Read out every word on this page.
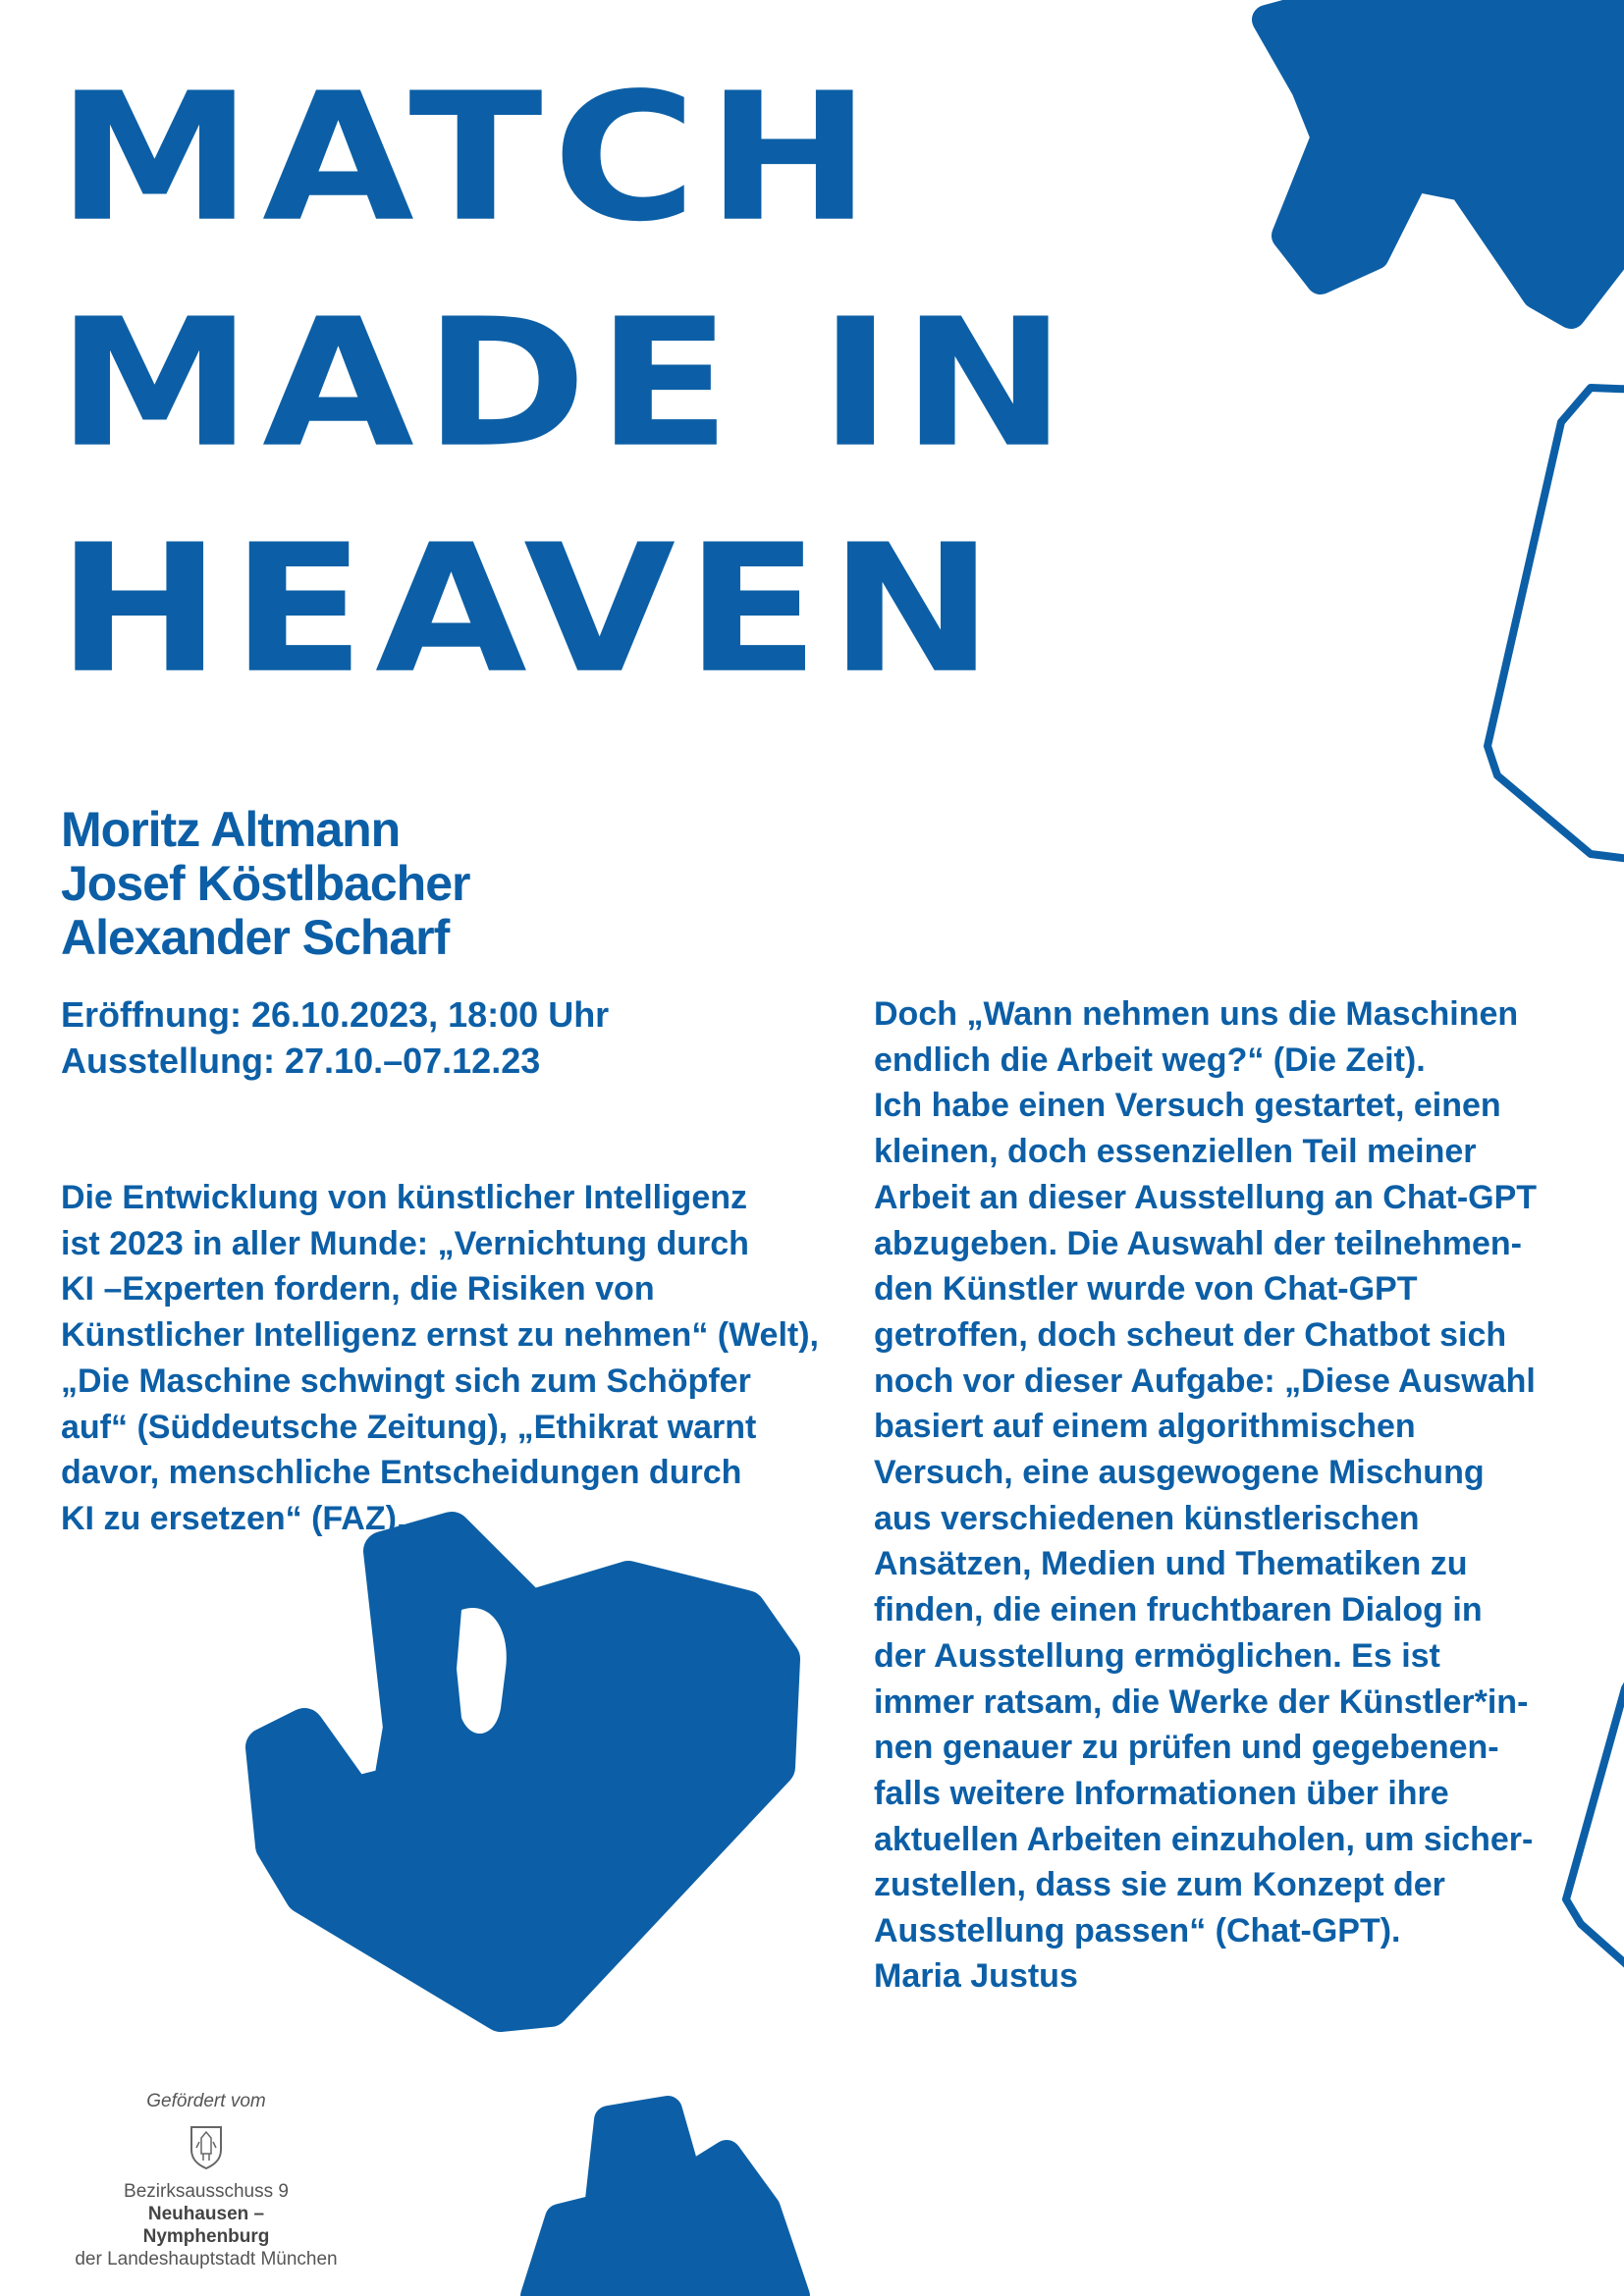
MATCH
MADE IN
HEAVEN
Moritz Altmann
Josef Köstlbacher
Alexander Scharf
Eröffnung: 26.10.2023, 18:00 Uhr
Ausstellung: 27.10.–07.12.23
Die Entwicklung von künstlicher Intelligenz
ist 2023 in aller Munde: „Vernichtung durch
KI –Experten fordern, die Risiken von
Künstlicher Intelligenz ernst zu nehmen“ (Welt),
„Die Maschine schwingt sich zum Schöpfer
auf“ (Süddeutsche Zeitung), „Ethikrat warnt
davor, menschliche Entscheidungen durch
KI zu ersetzen“ (FAZ).
Doch „Wann nehmen uns die Maschinen
endlich die Arbeit weg?“ (Die Zeit).
Ich habe einen Versuch gestartet, einen
kleinen, doch essenziellen Teil meiner
Arbeit an dieser Ausstellung an Chat-GPT
abzugeben. Die Auswahl der teilnehmen-
den Künstler wurde von Chat-GPT
getroffen, doch scheut der Chatbot sich
noch vor dieser Aufgabe: „Diese Auswahl
basiert auf einem algorithmischen
Versuch, eine ausgewogene Mischung
aus verschiedenen künstlerischen
Ansätzen, Medien und Thematiken zu
finden, die einen fruchtbaren Dialog in
der Ausstellung ermöglichen. Es ist
immer ratsam, die Werke der Künstler*in-
nen genauer zu prüfen und gegebenen-
falls weitere Informationen über ihre
aktuellen Arbeiten einzuholen, um sicher-
zustellen, dass sie zum Konzept der
Ausstellung passen“ (Chat-GPT).
Maria Justus
Gefördert vom
Bezirksausschuss 9
Neuhausen –
Nymphenburg
der Landeshauptstadt München
